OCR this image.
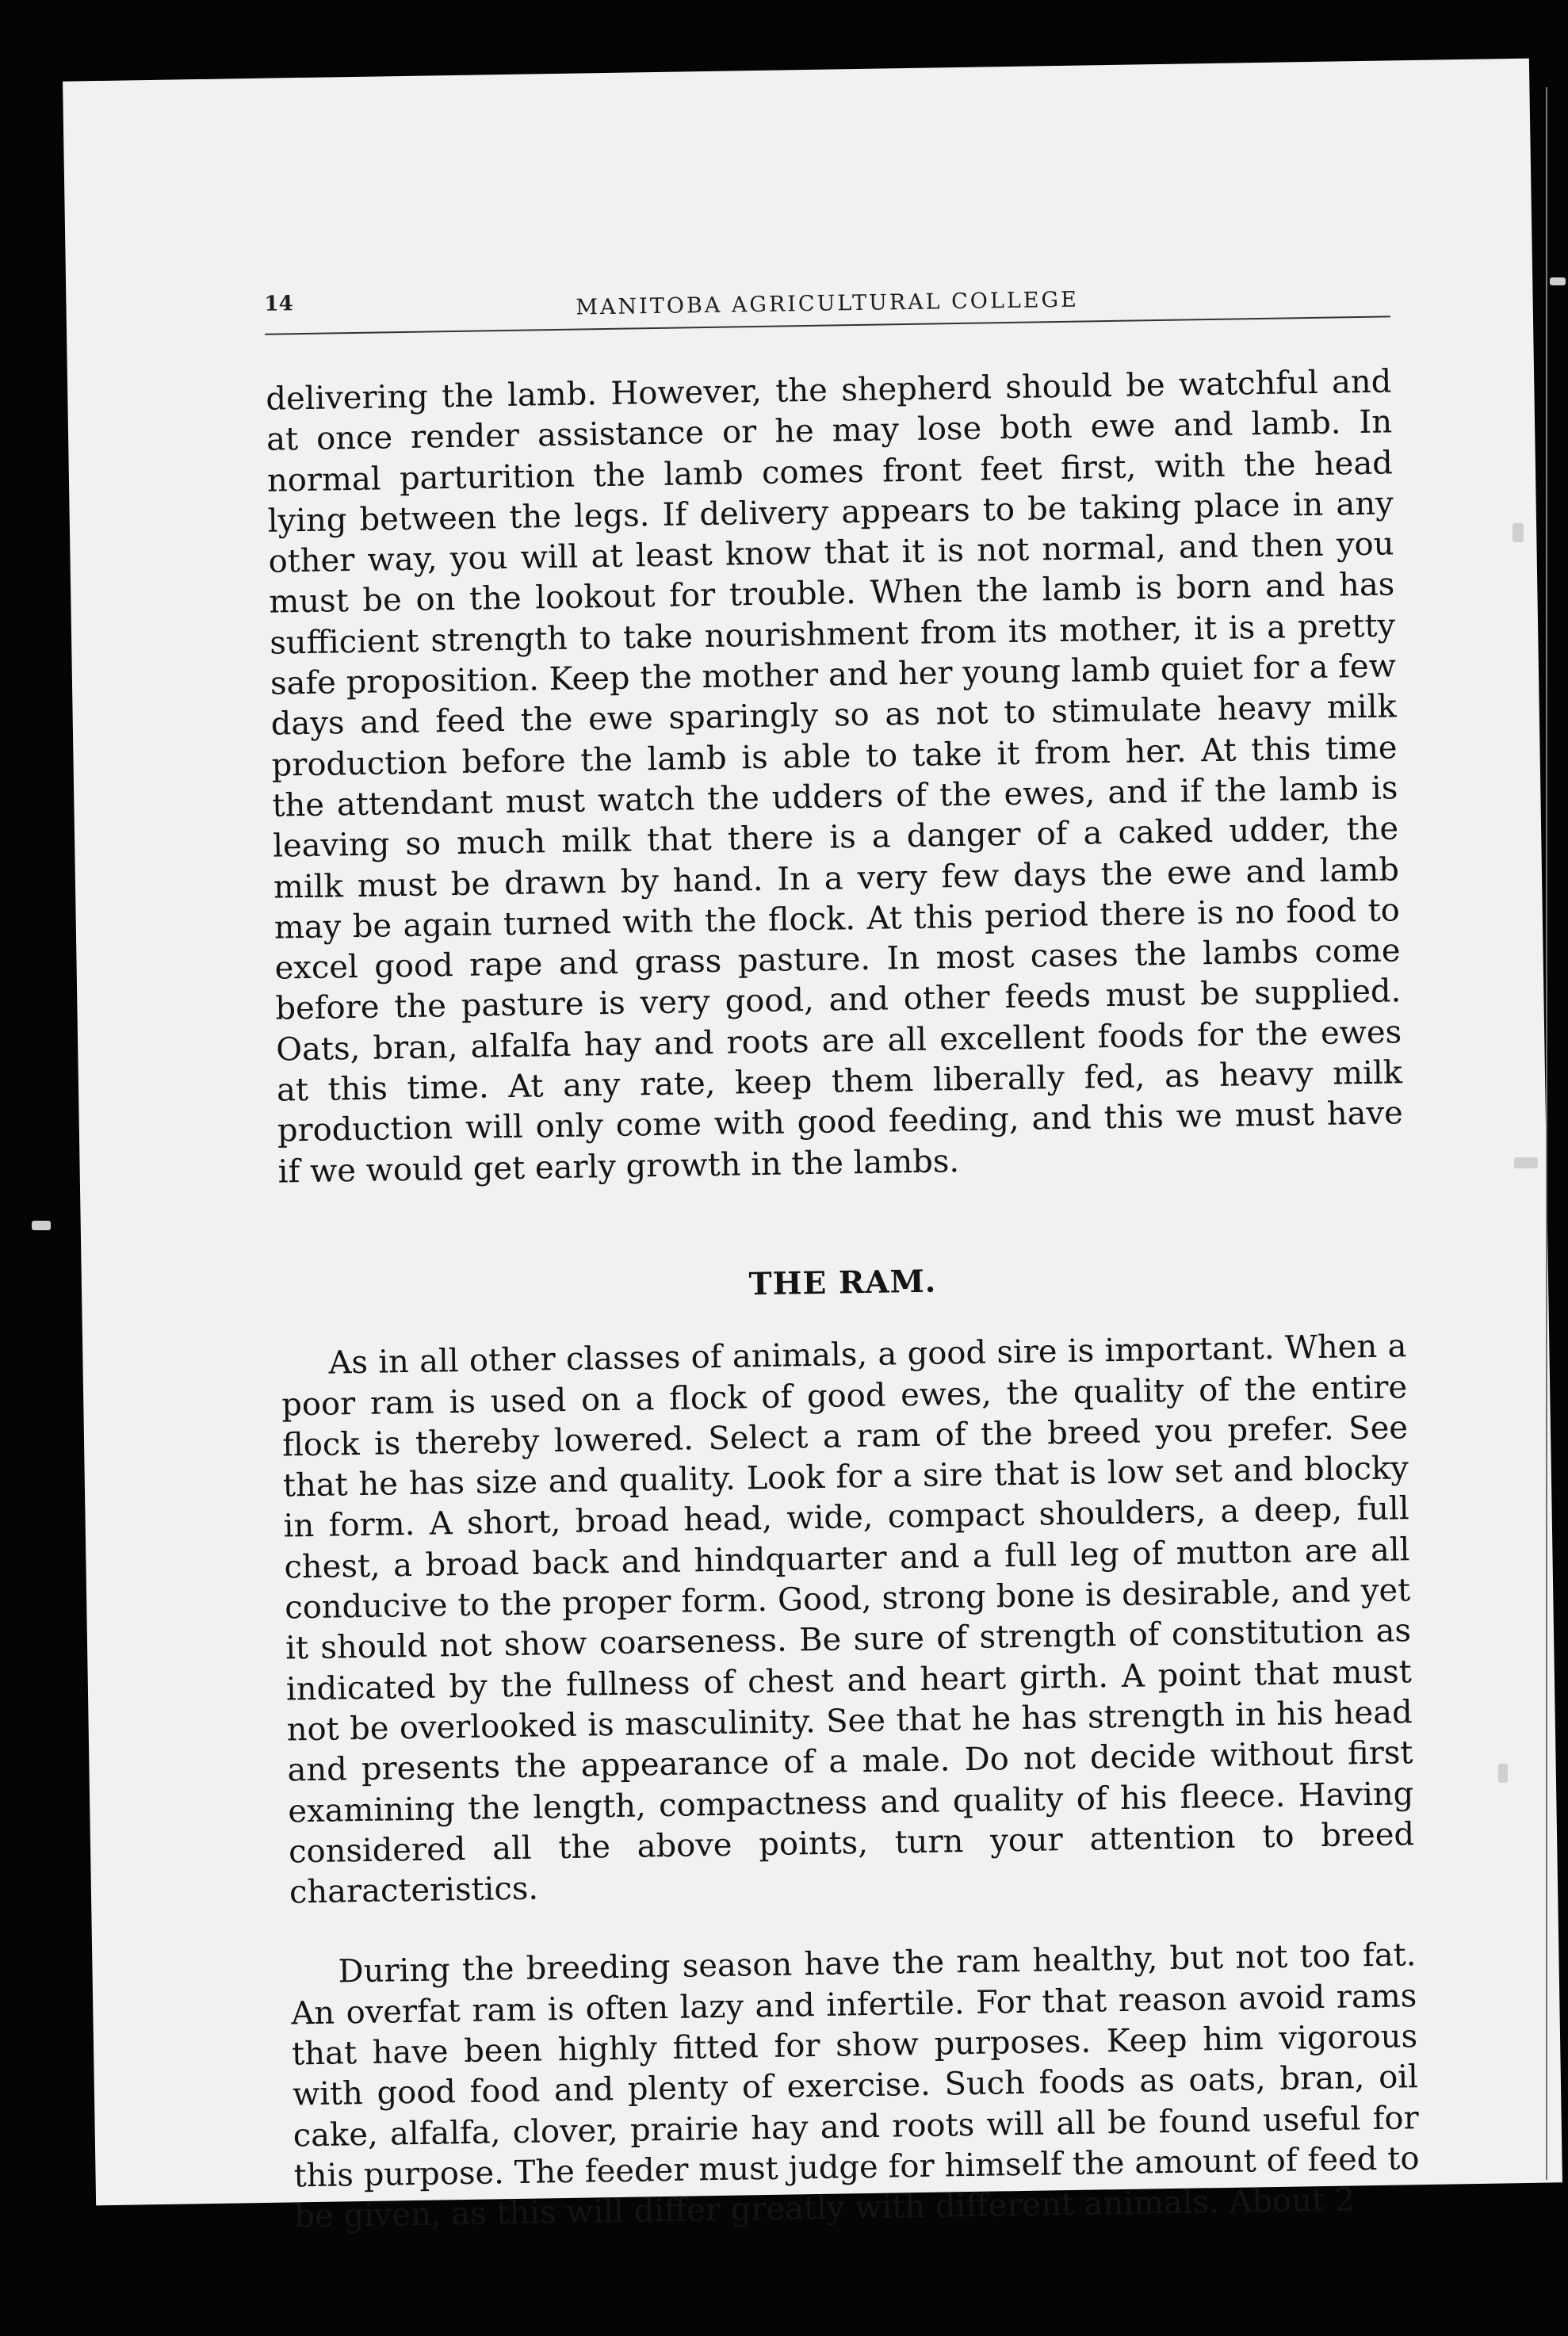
14	MANITOBA AGRICULTURAL COLLEGE

delivering the lamb. However, the shepherd should be watchful and at once render assistance or he may lose both ewe and lamb. In normal parturition the lamb comes front feet first, with the head lying between the legs. If delivery appears to be taking place in any other way, you will at least know that it is not normal, and then you must be on the lookout for trouble. When the lamb is born and has sufficient strength to take nourishment from its mother, it is a pretty safe proposition. Keep the mother and her young lamb quiet for a few days and feed the ewe sparingly so as not to stimulate heavy milk production before the lamb is able to take it from her. At this time the attendant must watch the udders of the ewes, and if the lamb is leaving so much milk that there is a danger of a caked udder, the milk must be drawn by hand. In a very few days the ewe and lamb may be again turned with the flock. At this period there is no food to excel good rape and grass pasture. In most cases the lambs come before the pasture is very good, and other feeds must be supplied. Oats, bran, alfalfa hay and roots are all excellent foods for the ewes at this time. At any rate, keep them liberally fed, as heavy milk production will only come with good feeding, and this we must have if we would get early growth in the lambs.

THE RAM.

As in all other classes of animals, a good sire is important. When a poor ram is used on a flock of good ewes, the quality of the entire flock is thereby lowered. Select a ram of the breed you prefer. See that he has size and quality. Look for a sire that is low set and blocky in form. A short, broad head, wide, compact shoulders, a deep, full chest, a broad back and hindquarter and a full leg of mutton are all conducive to the proper form. Good, strong bone is desirable, and yet it should not show coarseness. Be sure of strength of constitution as indicated by the fullness of chest and heart girth. A point that must not be overlooked is masculinity. See that he has strength in his head and presents the appearance of a male. Do not decide without first examining the length, compactness and quality of his fleece. Having considered all the above points, turn your attention to breed characteristics.

During the breeding season have the ram healthy, but not too fat. An overfat ram is often lazy and infertile. For that reason avoid rams that have been highly fitted for show purposes. Keep him vigorous with good food and plenty of exercise. Such foods as oats, bran, oil cake, alfalfa, clover, prairie hay and roots will all be found useful for this purpose. The feeder must judge for himself the amount of feed to be given, as this will differ greatly with different animals. About 2
